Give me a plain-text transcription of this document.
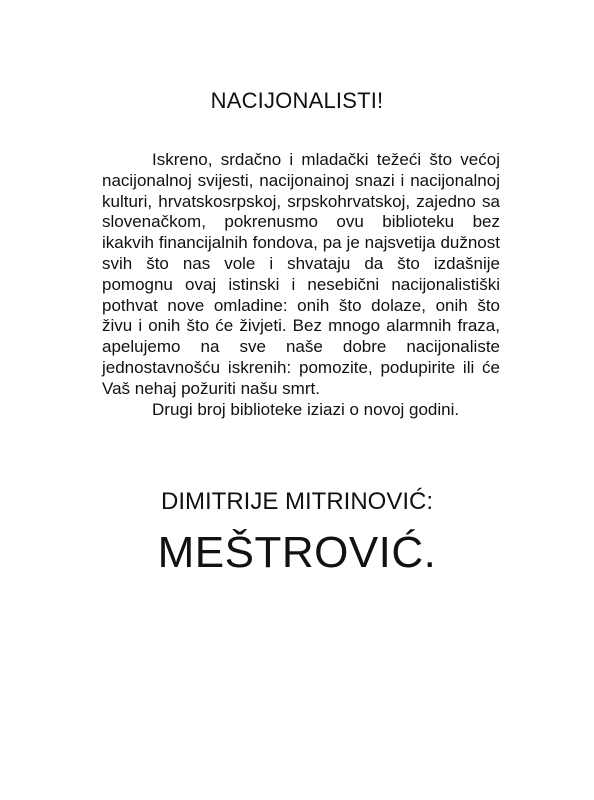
NACIJONALISTI!

Iskreno, srdačno i mladački težeći što većoj nacijonalnoj svijesti, nacijonainoj snazi i nacijonalnoj kulturi, hrvatskosrpskoj, srpskohrvatskoj, zajedno sa slovenačkom, pokrenusmo ovu biblioteku bez ikakvih financijalnih fondova, pa je najsvetija dužnost svih što nas vole i shvataju da što izdašnije pomognu ovaj istinski i nesebični nacijonalistiški pothvat nove omladine: onih što dolaze, onih što živu i onih što će živjeti. Bez mnogo alarmnih fraza, apelujemo na sve naše dobre nacijonaliste jednostavnošću iskrenih: pomozite, podupirite ili će Vaš nehaj požuriti našu smrt.

Drugi broj biblioteke iziazi o novoj godini.

DIMITRIJE MITRINOVIĆ:
MEŠTROVIĆ.
